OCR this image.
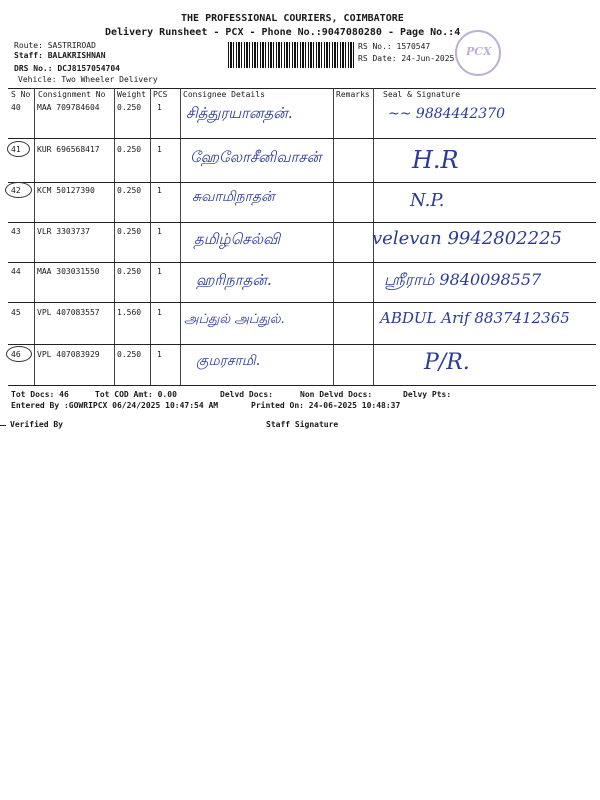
THE PROFESSIONAL COURIERS, COIMBATORE
Delivery Runsheet - PCX - Phone No.:9047080280 - Page No.:4
Route: SASTRIROAD
Staff: BALAKRISHNAN
DRS No.: DCJ8157054704
Vehicle: Two Wheeler Delivery
RS No.: 1570547
RS Date: 24-Jun-2025
PCX
S No Consignment No Weight PCS Consignee Details	Remarks Seal & Signature
40 MAA 709784604 0.250 1 சித்துரயானதன்.	~~ 9884442370
41 KUR 696568417 0.250 1 ஹேலோசீனிவாசன்	H.R
42 KCM 50127390	0.250 1 சுவாமிநாதன்	N.P.
43 VLR 3303737	0.250 1 தமிழ்செல்வி	velevan 9942802225
44 MAA 303031550 0.250 1 ஹரிநாதன்.	ஸ்ரீராம் 9840098557
45 VPL 407083557 1.560 1 அப்துல் அப்துல்.	ABDUL Arif 8837412365
46 VPL 407083929 0.250 1 குமரசாமி.	P/R.
Tot Docs: 46	Tot COD Amt: 0.00	Delvd Docs:	Non Delvd Docs:	Delvy Pts:
Entered By :GOWRIPCX 06/24/2025 10:47:54 AM	Printed On: 24-06-2025 10:48:37
Verified By	Staff Signature
